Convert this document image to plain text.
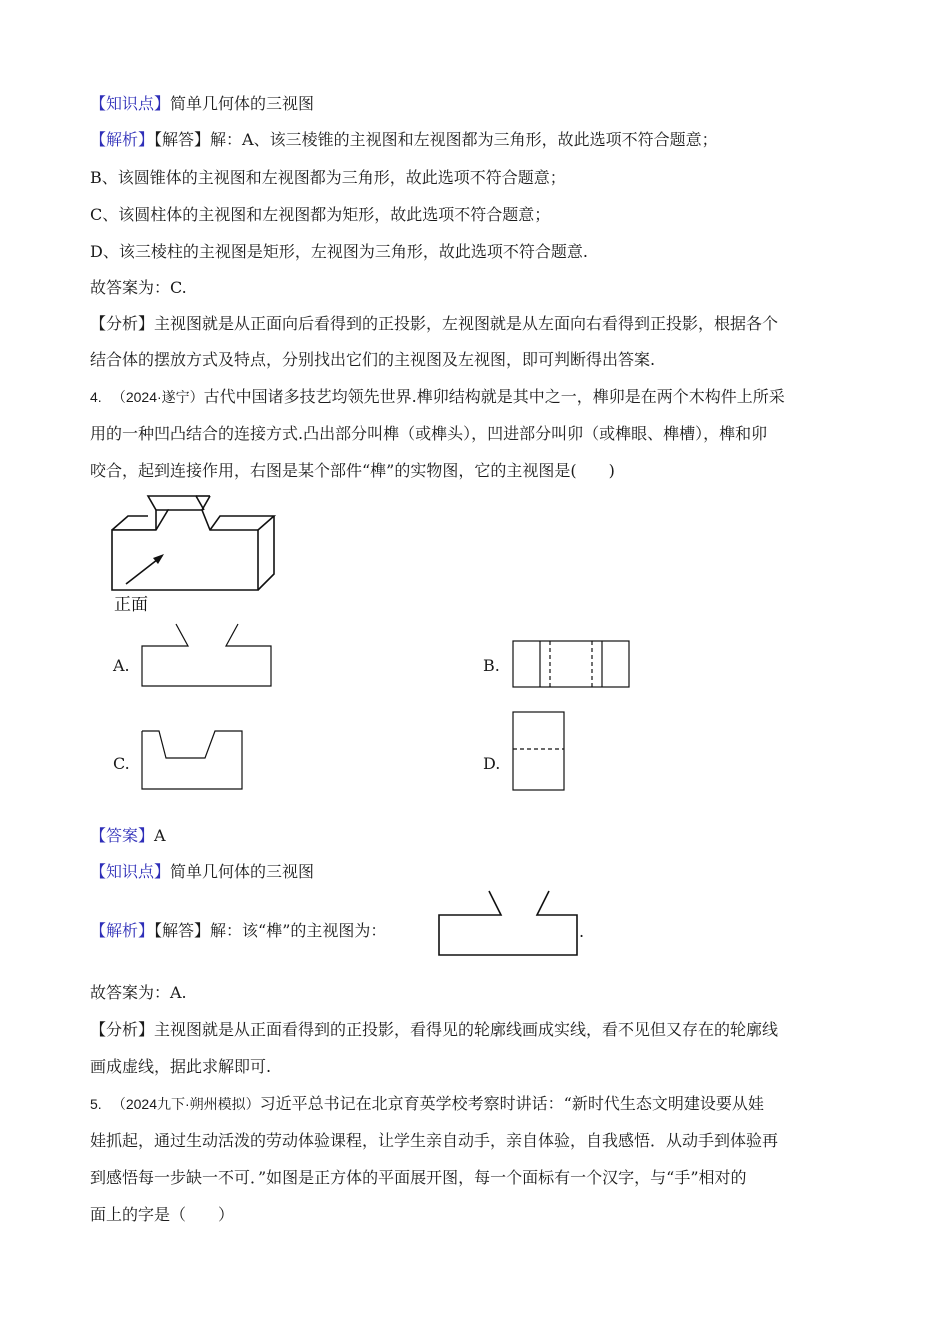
【知识点】简单几何体的三视图
【解析】【解答】解：A、该三棱锥的主视图和左视图都为三角形，故此选项不符合题意；
B、该圆锥体的主视图和左视图都为三角形，故此选项不符合题意；
C、该圆柱体的主视图和左视图都为矩形，故此选项不符合题意；
D、该三棱柱的主视图是矩形，左视图为三角形，故此选项不符合题意.
故答案为：C.
【分析】主视图就是从正面向后看得到的正投影，左视图就是从左面向右看得到正投影，根据各个
结合体的摆放方式及特点，分别找出它们的主视图及左视图，即可判断得出答案.
4. （2024·遂宁）古代中国诸多技艺均领先世界.榫卯结构就是其中之一，榫卯是在两个木构件上所采
用的一种凹凸结合的连接方式.凸出部分叫榫（或榫头），凹进部分叫卯（或榫眼、榫槽），榫和卯
咬合，起到连接作用，右图是某个部件“榫”的实物图，它的主视图是(　　)
正面
A.	B.
C.	D.
【答案】A
【知识点】简单几何体的三视图
【解析】【解答】解：该“榫”的主视图为：	.
故答案为：A.
【分析】主视图就是从正面看得到的正投影，看得见的轮廓线画成实线，看不见但又存在的轮廓线
画成虚线，据此求解即可.
5. （2024九下·朔州模拟）习近平总书记在北京育英学校考察时讲话：“新时代生态文明建设要从娃
娃抓起，通过生动活泼的劳动体验课程，让学生亲自动手，亲自体验，自我感悟．从动手到体验再
到感悟每一步缺一不可．”如图是正方体的平面展开图，每一个面标有一个汉字，与“手”相对的
面上的字是（　　）
